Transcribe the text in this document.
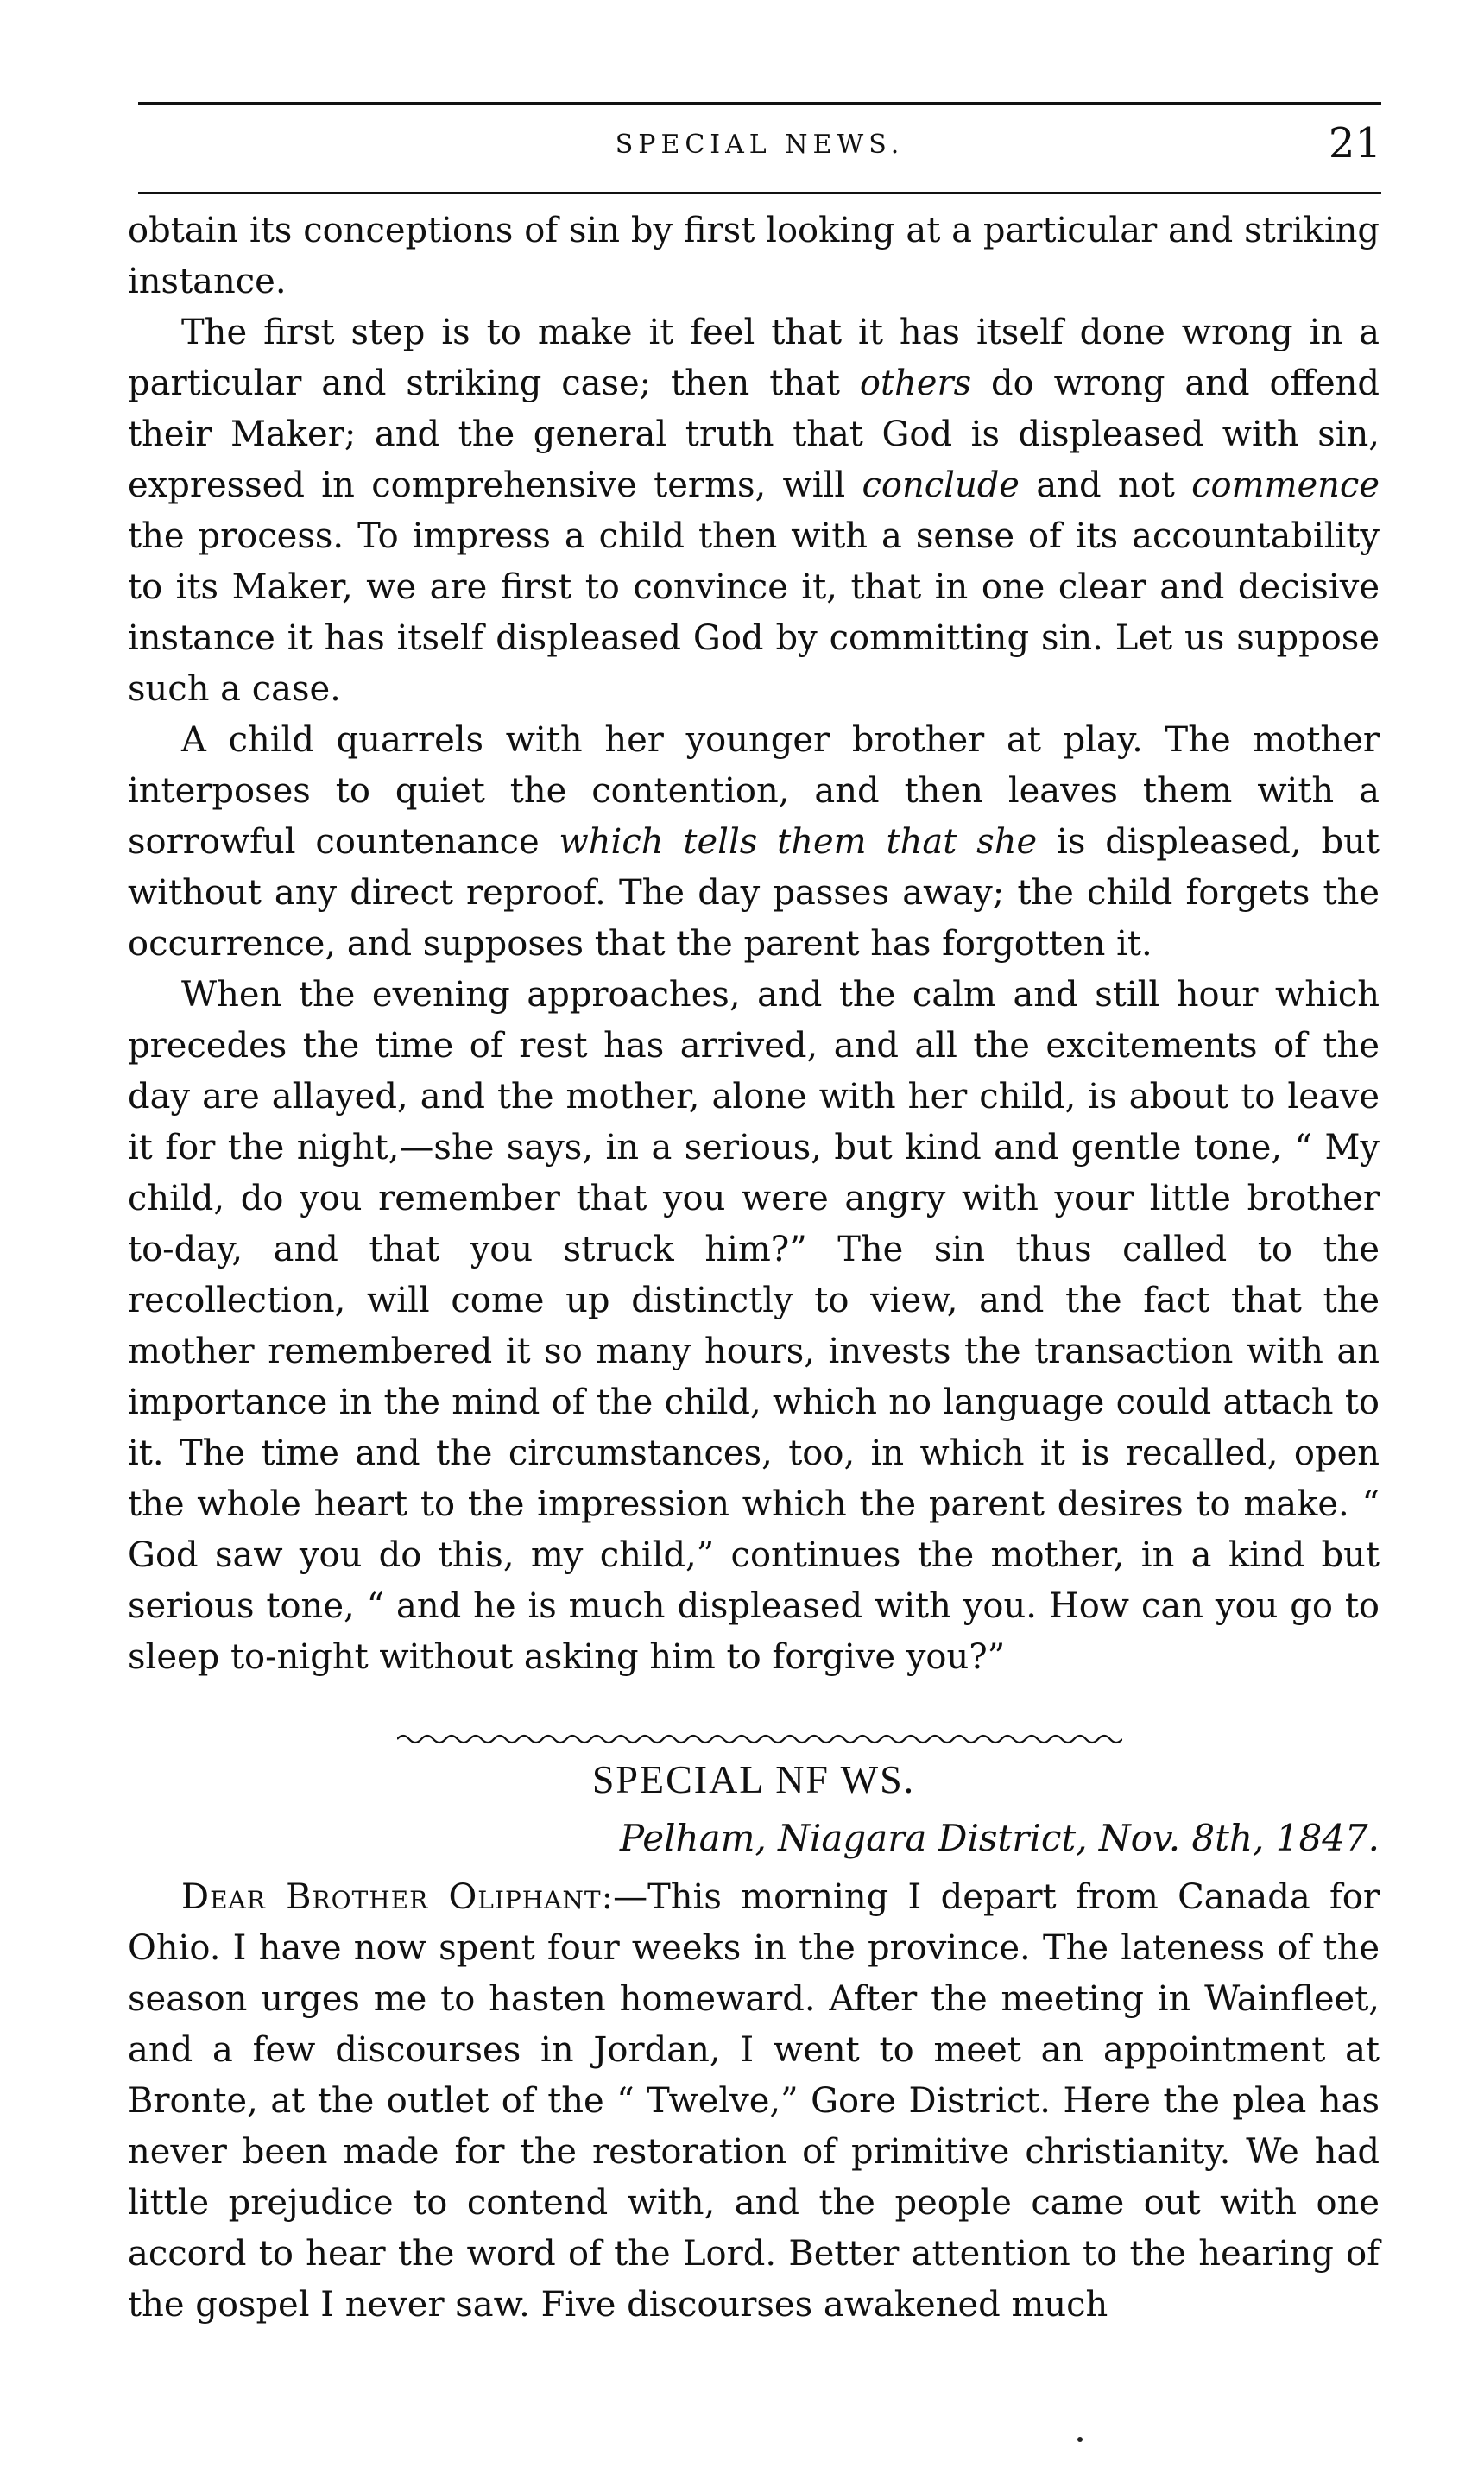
SPECIAL NEWS.	21

obtain its conceptions of sin by first looking at a particular and striking instance.

The first step is to make it feel that it has itself done wrong in a particular and striking case; then that others do wrong and offend their Maker; and the general truth that God is displeased with sin, expressed in comprehensive terms, will conclude and not commence the process. To impress a child then with a sense of its accountability to its Maker, we are first to convince it, that in one clear and decisive instance it has itself displeased God by committing sin. Let us suppose such a case.

A child quarrels with her younger brother at play. The mother interposes to quiet the contention, and then leaves them with a sorrowful countenance which tells them that she is displeased, but without any direct reproof. The day passes away; the child forgets the occurrence, and supposes that the parent has forgotten it.

When the evening approaches, and the calm and still hour which precedes the time of rest has arrived, and all the excitements of the day are allayed, and the mother, alone with her child, is about to leave it for the night,—she says, in a serious, but kind and gentle tone, “ My child, do you remember that you were angry with your little brother to-day, and that you struck him?” The sin thus called to the recollection, will come up distinctly to view, and the fact that the mother remembered it so many hours, invests the transaction with an importance in the mind of the child, which no language could attach to it. The time and the circumstances, too, in which it is recalled, open the whole heart to the impression which the parent desires to make. “ God saw you do this, my child,” continues the mother, in a kind but serious tone, “ and he is much displeased with you. How can you go to sleep to-night without asking him to forgive you?”

SPECIAL NF WS.
Pelham, Niagara District, Nov. 8th, 1847.

Dear Brother Oliphant:—This morning I depart from Canada for Ohio. I have now spent four weeks in the province. The lateness of the season urges me to hasten homeward. After the meeting in Wainfleet, and a few discourses in Jordan, I went to meet an appointment at Bronte, at the outlet of the “ Twelve,” Gore District. Here the plea has never been made for the restoration of primitive christianity. We had little prejudice to contend with, and the people came out with one accord to hear the word of the Lord. Better attention to the hearing of the gospel I never saw. Five discourses awakened much
